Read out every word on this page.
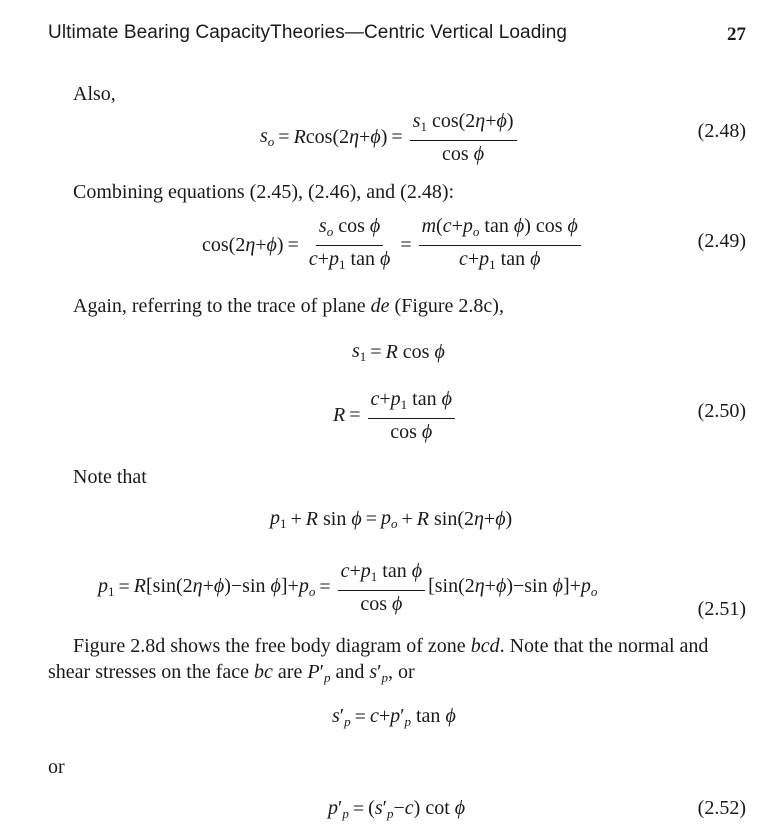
Ultimate Bearing CapacityTheories—Centric Vertical Loading	27
Also,
$s_o = Rcos(2\eta+\phi) = \frac{s_1 \cos(2\eta+\phi)}{\text{cos ϕ}}$	(2.48)
Combining equations (2.45), (2.46), and (2.48):
$\cos(2\eta+\phi) = \frac{s_o \cos \phi}{c+p_1 \tan \phi} = \frac{m(c+p_o \tan \phi) \cos \phi}{c+p_1 \tan \phi}$	(2.49)
Again, referring to the trace of plane de (Figure 2.8c),
$s_1 = R$ cos ϕ
$R = \frac{c+p_1 \tan \phi}{\text{cos ϕ}}$	(2.50)
Note that
$p_1 + R$ $\sin \phi = p_o + R$ sin(2η+ϕ)
$p_1 = R[\sin(2\eta+\phi)-\sin$ $\phi]+p_o = \frac{c+p_1 \tan \phi}{\text{cos ϕ}} [\sin(2\eta+\phi)-\sin$ $\phi]+p_o$
(2.51)
Figure 2.8d shows the free body diagram of zone bcd. Note that the normal and
shear stresses on the face bc are $P'_p$ and $s'_p$, or
$s'_p = c+p'_p$ tan ϕ
or
$p'_p = (s'_p-c)$ cot ϕ	(2.52)
